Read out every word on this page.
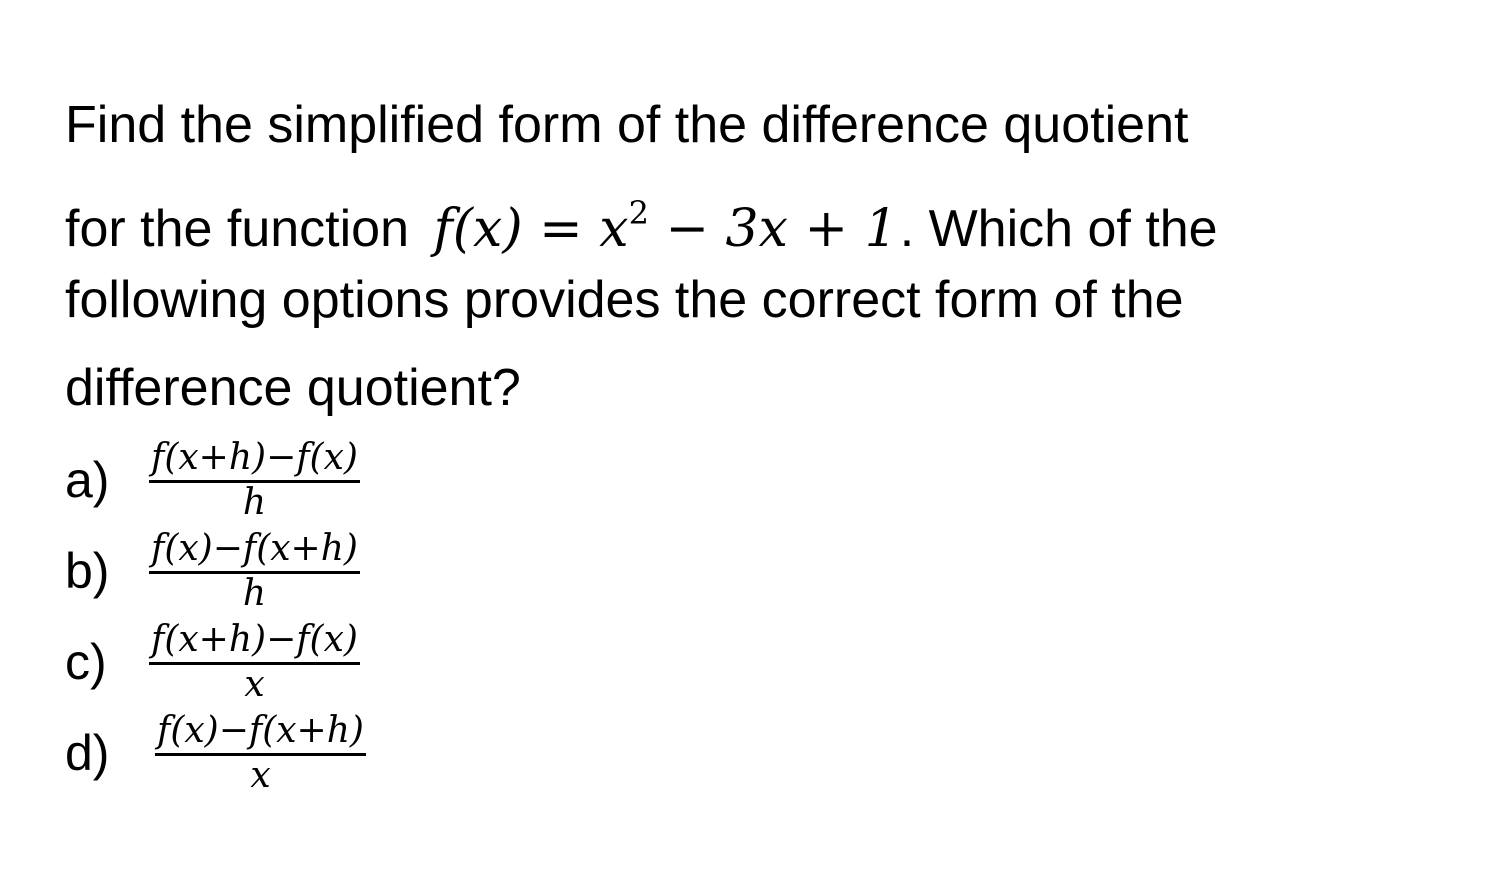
Find the simplified form of the difference quotient
for the function $f(x) = x^2 - 3x + 1$. Which of the
following options provides the correct form of the
difference quotient?
$a) \frac{f(x+h)-f(x)}{h}$
$b) \frac{f(x)-f(x+h)}{h}$
$c) \frac{f(x+h)-f(x)}{x}$
$d) \frac{f(x)-f(x+h)}{x}$
